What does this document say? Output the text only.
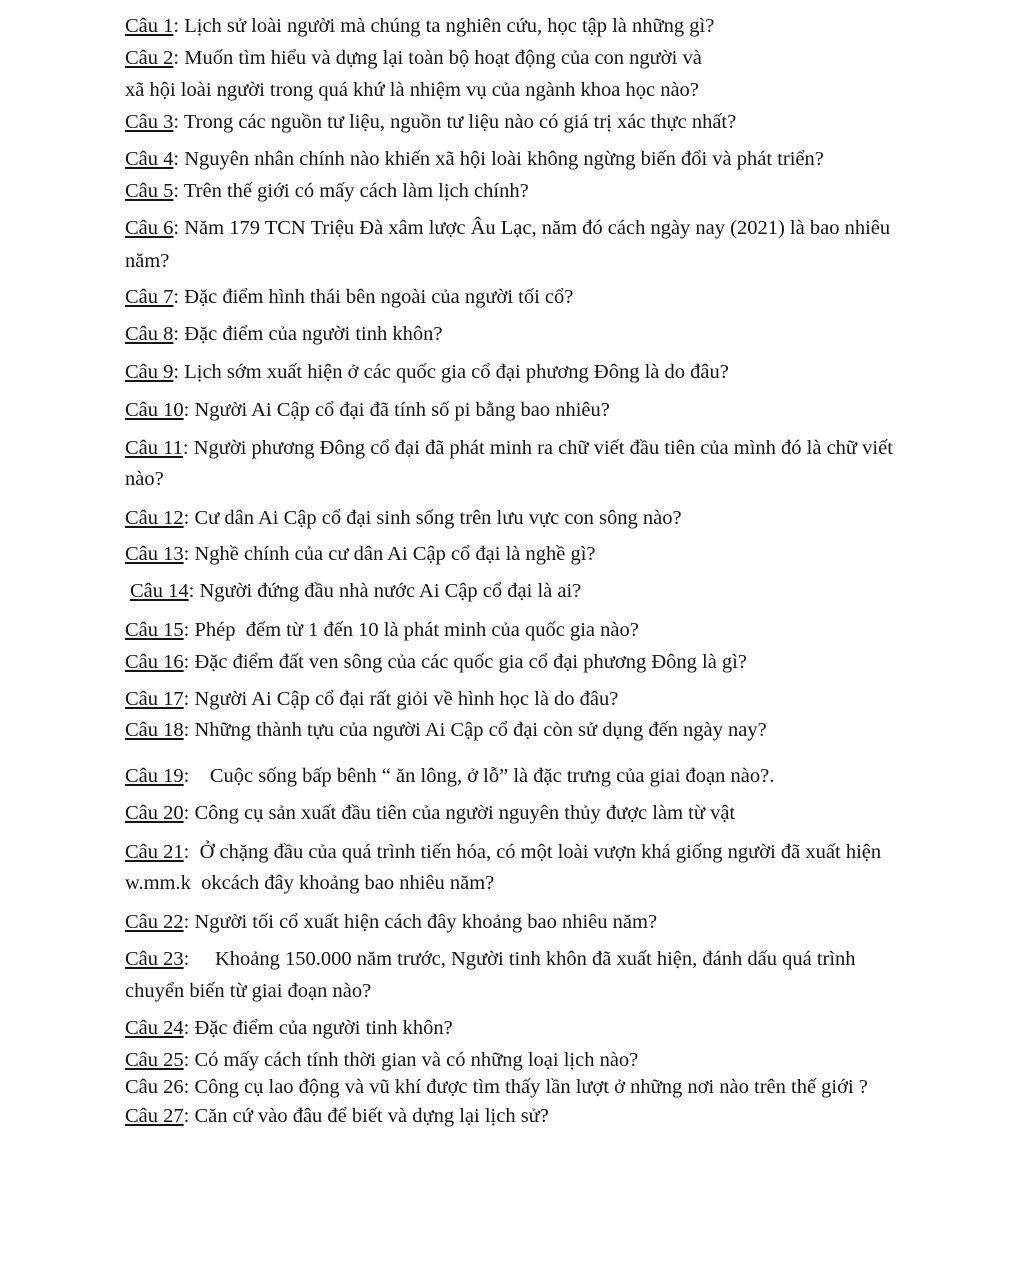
Câu 1: Lịch sử loài người mà chúng ta nghiên cứu, học tập là những gì?

Câu 2: Muốn tìm hiểu và dựng lại toàn bộ hoạt động của con người và

xã hội loài người trong quá khứ là nhiệm vụ của ngành khoa học nào?

Câu 3: Trong các nguồn tư liệu, nguồn tư liệu nào có giá trị xác thực nhất?

Câu 4: Nguyên nhân chính nào khiến xã hội loài không ngừng biến đổi và phát triển?

Câu 5: Trên thế giới có mấy cách làm lịch chính?

Câu 6: Năm 179 TCN Triệu Đà xâm lược Âu Lạc, năm đó cách ngày nay (2021) là bao nhiêu

năm?

Câu 7: Đặc điểm hình thái bên ngoài của người tối cổ?

Câu 8: Đặc điểm của người tinh khôn?

Câu 9: Lịch sớm xuất hiện ở các quốc gia cổ đại phương Đông là do đâu?

Câu 10: Người Ai Cập cổ đại đã tính số pi bằng bao nhiêu?

Câu 11: Người phương Đông cổ đại đã phát minh ra chữ viết đầu tiên của mình đó là chữ viết

nào?

Câu 12: Cư dân Ai Cập cổ đại sinh sống trên lưu vực con sông nào?

Câu 13: Nghề chính của cư dân Ai Cập cổ đại là nghề gì?

Câu 14: Người đứng đầu nhà nước Ai Cập cổ đại là ai?

Câu 15: Phép  đếm từ 1 đến 10 là phát minh của quốc gia nào?

Câu 16: Đặc điểm đất ven sông của các quốc gia cổ đại phương Đông là gì?

Câu 17: Người Ai Cập cổ đại rất giỏi về hình học là do đâu?

Câu 18: Những thành tựu của người Ai Cập cổ đại còn sử dụng đến ngày nay?

Câu 19:    Cuộc sống bấp bênh “ ăn lông, ở lỗ” là đặc trưng của giai đoạn nào?.

Câu 20: Công cụ sản xuất đầu tiên của người nguyên thủy được làm từ vật

Câu 21:  Ở chặng đầu của quá trình tiến hóa, có một loài vượn khá giống người đã xuất hiện

w.mm.k  okcách đây khoảng bao nhiêu năm?

Câu 22: Người tối cổ xuất hiện cách đây khoảng bao nhiêu năm?

Câu 23:     Khoảng 150.000 năm trước, Người tinh khôn đã xuất hiện, đánh dấu quá trình

chuyển biến từ giai đoạn nào?

Câu 24: Đặc điểm của người tinh khôn?

Câu 25: Có mấy cách tính thời gian và có những loại lịch nào?

Câu 26: Công cụ lao động và vũ khí được tìm thấy lần lượt ở những nơi nào trên thế giới ?

Câu 27: Căn cứ vào đâu để biết và dựng lại lịch sử?
